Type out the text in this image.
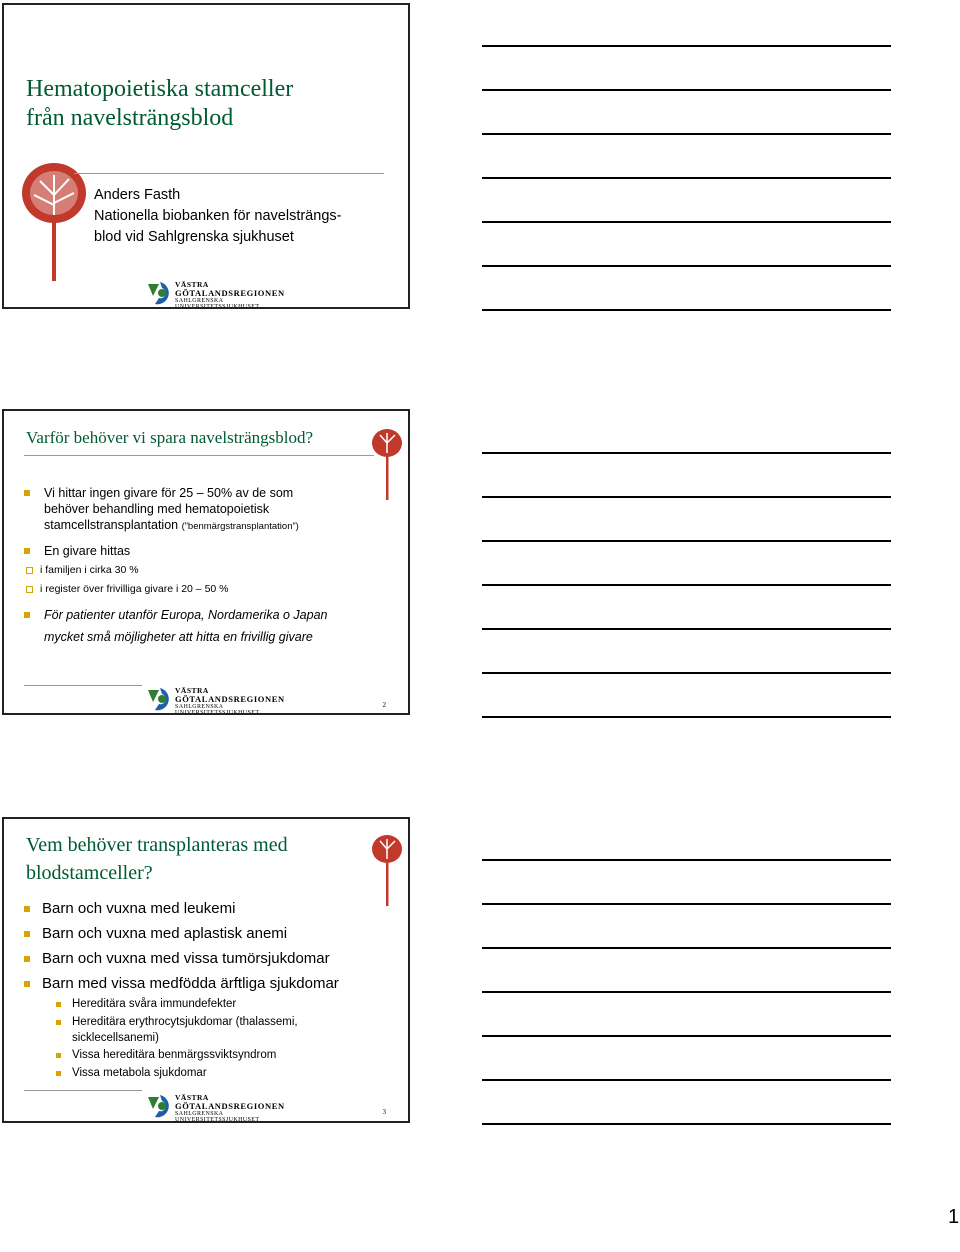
Hematopoietiska stamceller
från navelsträngsblod
Anders Fasth
Nationella biobanken för navelsträngs-
blod vid Sahlgrenska sjukhuset
VÄSTRA
GÖTALANDSREGIONEN
SAHLGRENSKA UNIVERSITETSSJUKHUSET
Varför behöver vi spara navelsträngsblod?
Vi hittar ingen givare för 25 – 50% av de som
behöver behandling med hematopoietisk
stamcellstransplantation (”benmärgstransplantation”)
En givare hittas
i familjen i cirka 30 %
i register över frivilliga givare i 20 – 50 %
För patienter utanför Europa, Nordamerika o Japan
mycket små möjligheter att hitta en frivillig givare
VÄSTRA
GÖTALANDSREGIONEN
SAHLGRENSKA UNIVERSITETSSJUKHUSET
2
Vem behöver transplanteras med
blodstamceller?
Barn och vuxna med leukemi
Barn och vuxna med aplastisk anemi
Barn och vuxna med vissa tumörsjukdomar
Barn med vissa medfödda ärftliga sjukdomar
Hereditära svåra immundefekter
Hereditära erythrocytsjukdomar (thalassemi,
sicklecellsanemi)
Vissa hereditära benmärgssviktsyndrom
Vissa metabola sjukdomar
VÄSTRA
GÖTALANDSREGIONEN
SAHLGRENSKA UNIVERSITETSSJUKHUSET
3
1
